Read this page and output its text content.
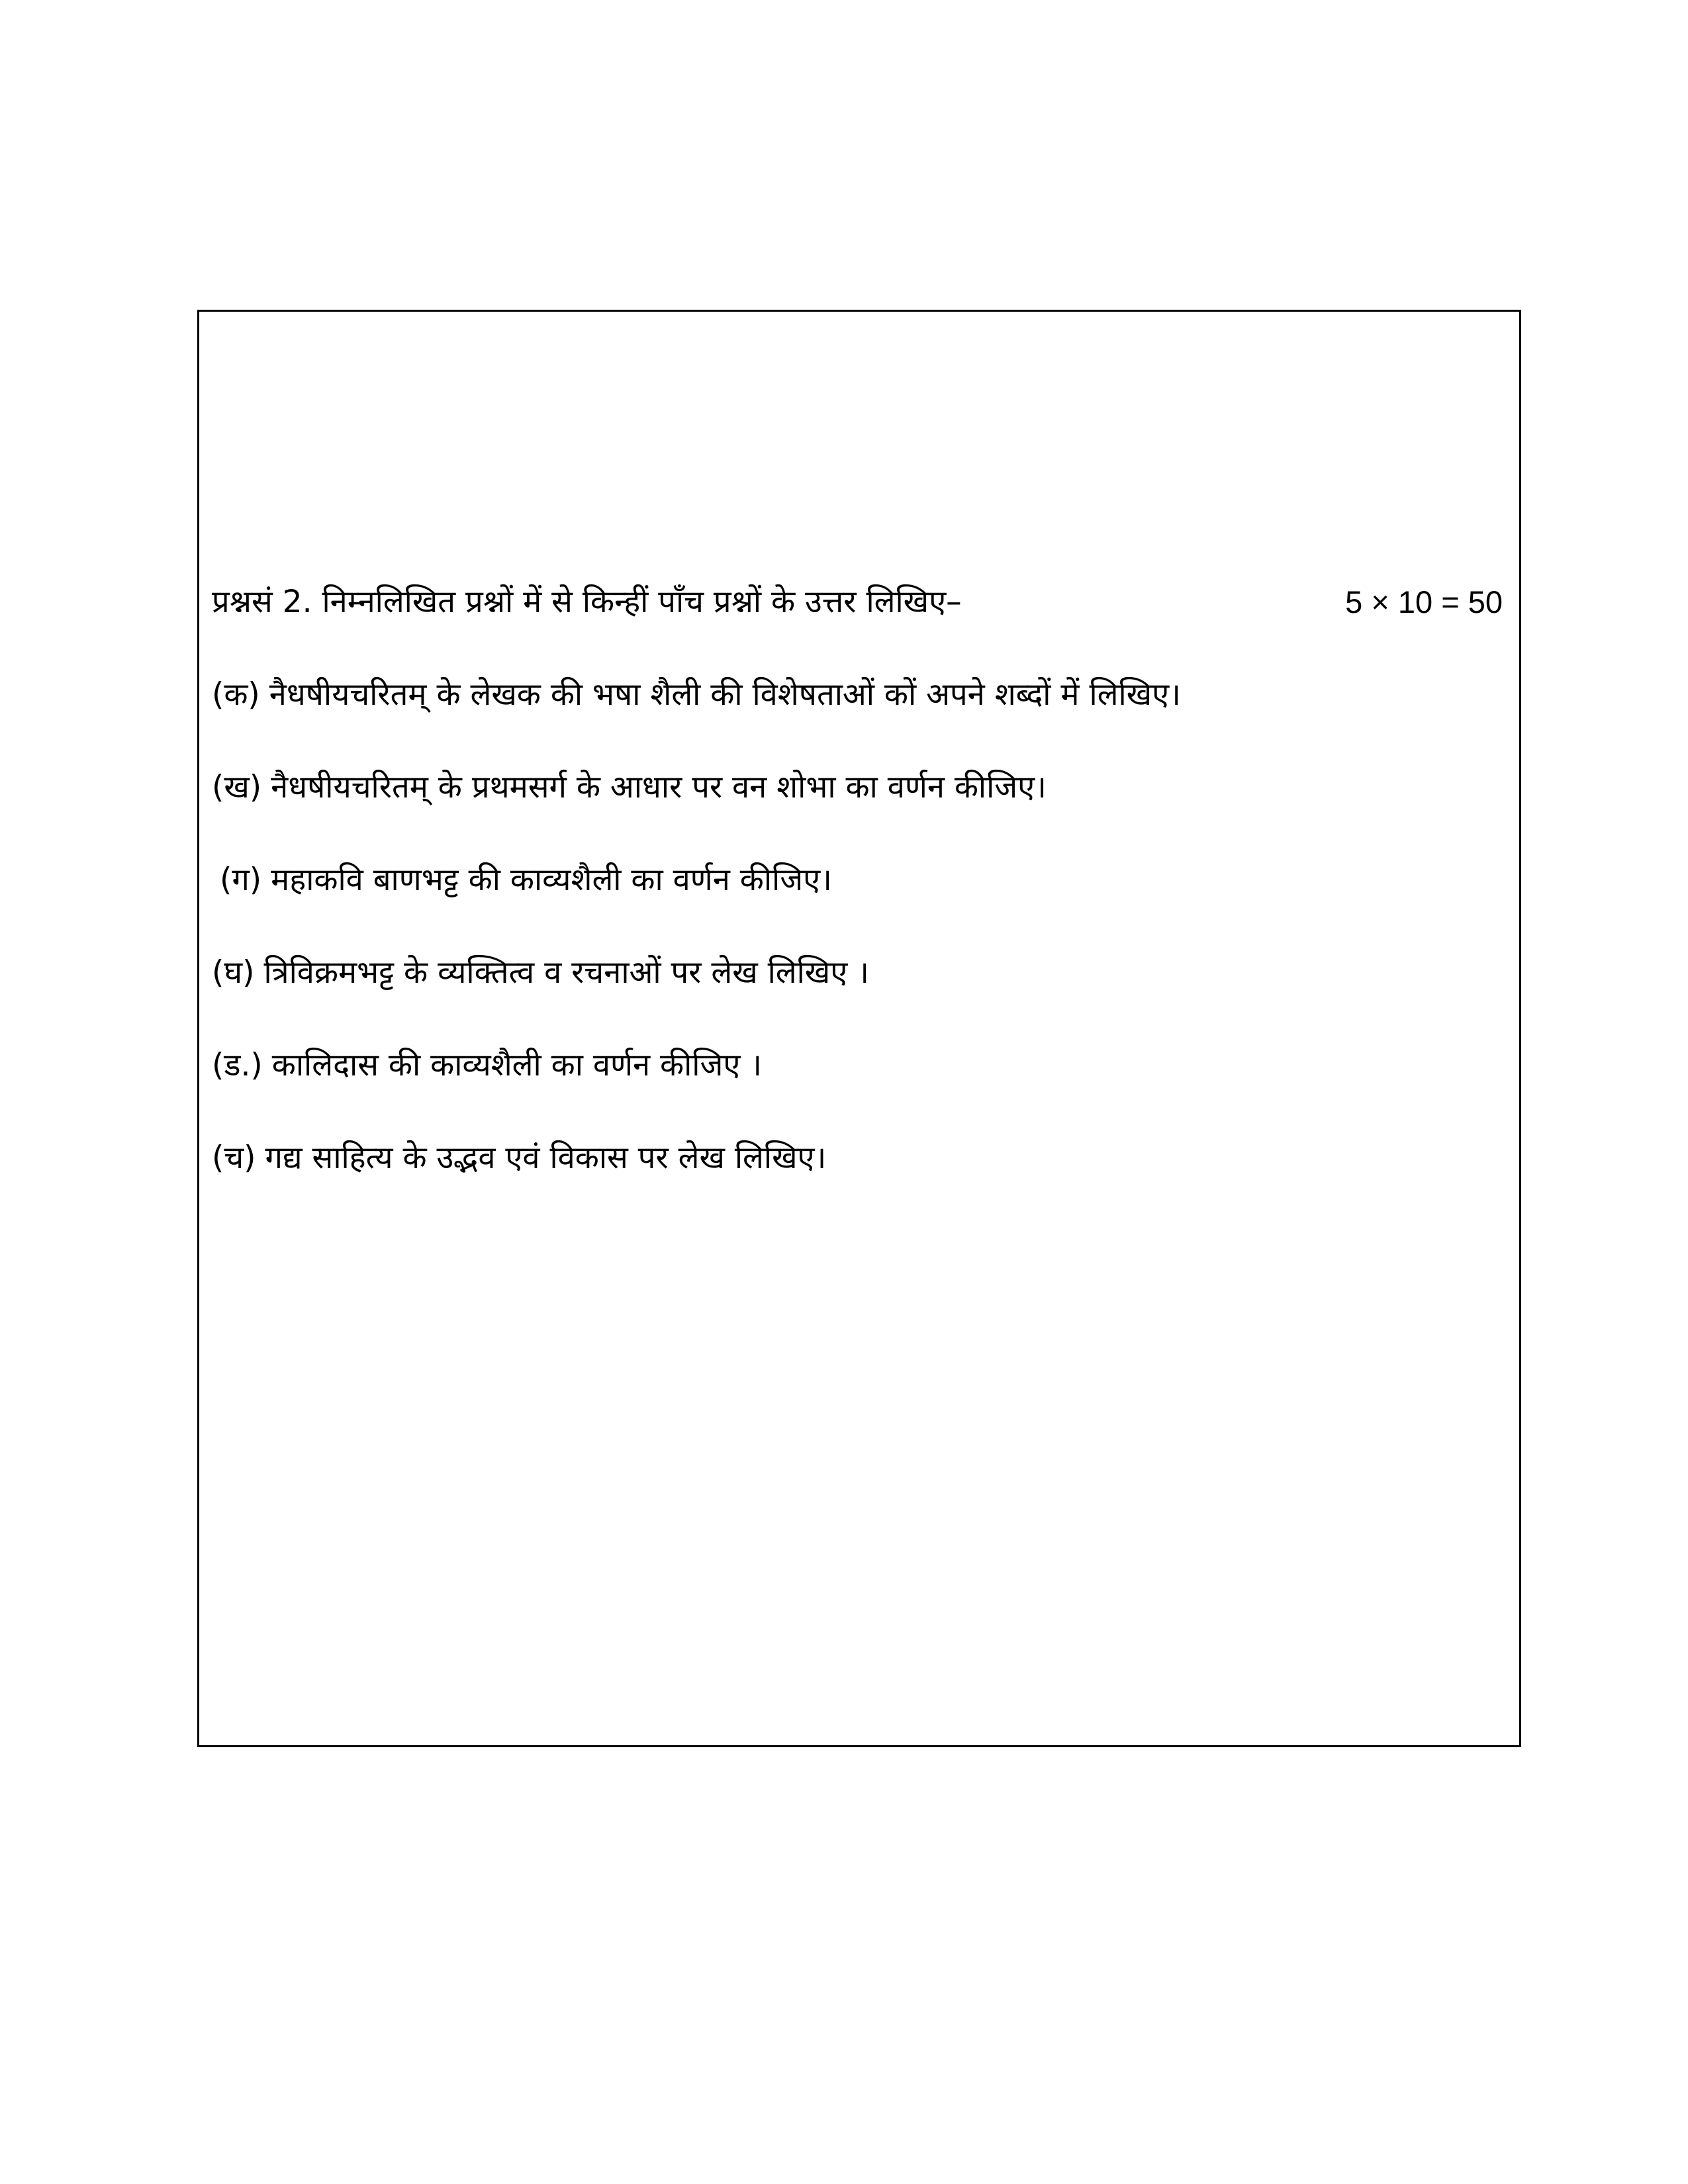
प्रश्नसं 2. निम्नलिखित प्रश्नों में से किन्हीं पाँच प्रश्नों के उत्तर लिखिए–	5 × 10 = 50
(क) नैधषीयचरितम् के लेखक की भषा शैली की विशेषताओं कों अपने शब्दों में लिखिए।
(ख) नैधषीयचरितम् के प्रथमसर्ग के आधार पर वन शोभा का वर्णन कीजिए।
(ग) महाकवि बाणभट्ट की काव्यशैली का वर्णन कीजिए।
(घ) त्रिविक्रमभट्ट के व्यक्तित्व व रचनाओं पर लेख लिखिए ।
(ड.) कालिदास की काव्यशैली का वर्णन कीजिए ।
(च) गद्य साहित्य के उद्भव एवं विकास पर लेख लिखिए।
